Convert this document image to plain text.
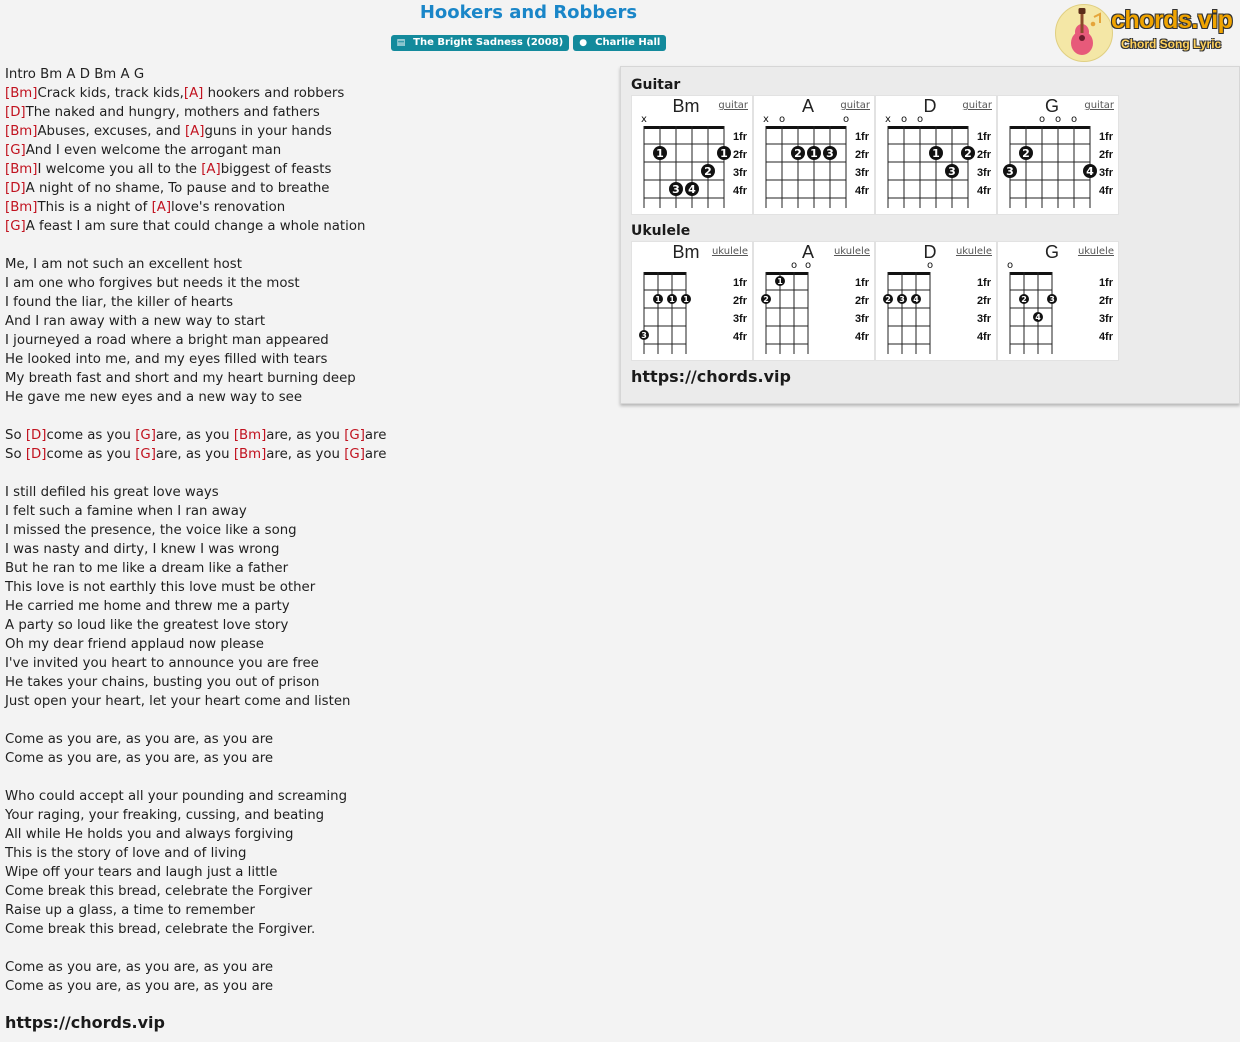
Hookers and Robbers
▤ The Bright Sadness (2008) ● Charlie Hall
chords.vip
Chord Song Lyric
Intro Bm A D Bm A G
[Bm]Crack kids, track kids,[A] hookers and robbers
[D]The naked and hungry, mothers and fathers
[Bm]Abuses, excuses, and [A]guns in your hands
[G]And I even welcome the arrogant man
[Bm]I welcome you all to the [A]biggest of feasts
[D]A night of no shame, To pause and to breathe
[Bm]This is a night of [A]love's renovation
[G]A feast I am sure that could change a whole nation
Me, I am not such an excellent host
I am one who forgives but needs it the most
I found the liar, the killer of hearts
And I ran away with a new way to start
I journeyed a road where a bright man appeared
He looked into me, and my eyes filled with tears
My breath fast and short and my heart burning deep
He gave me new eyes and a new way to see
So [D]come as you [G]are, as you [Bm]are, as you [G]are
So [D]come as you [G]are, as you [Bm]are, as you [G]are
I still defiled his great love ways
I felt such a famine when I ran away
I missed the presence, the voice like a song
I was nasty and dirty, I knew I was wrong
But he ran to me like a dream like a father
This love is not earthly this love must be other
He carried me home and threw me a party
A party so loud like the greatest love story
Oh my dear friend applaud now please
I've invited you heart to announce you are free
He takes your chains, busting you out of prison
Just open your heart, let your heart come and listen
Come as you are, as you are, as you are
Come as you are, as you are, as you are
Who could accept all your pounding and screaming
Your raging, your freaking, cussing, and beating
All while He holds you and always forgiving
This is the story of love and of living
Wipe off your tears and laugh just a little
Come break this bread, celebrate the Forgiver
Raise up a glass, a time to remember
Come break this bread, celebrate the Forgiver.
Come as you are, as you are, as you are
Come as you are, as you are, as you are
https://chords.vip
Guitar
Bm	guitar
1fr
2fr
3fr
4fr
x
1	1
2
3 4
A	guitar
1fr
2fr
3fr
4fr
x o	o
2 1 3
D	guitar
1fr
2fr
3fr
4fr
x o o
1 2
3
G	guitar
1fr
2fr
3fr
4fr
o o o
2
3	4
Ukulele
Bm	ukulele
1fr
2fr
3fr
4fr
1 1 1
3
A	ukulele
1fr
2fr
3fr
4fr
o o
1
2
D	ukulele
1fr
2fr
3fr
4fr
o
2 3 4
G	ukulele
1fr
2fr
3fr
4fr
o
2	3
4
https://chords.vip
